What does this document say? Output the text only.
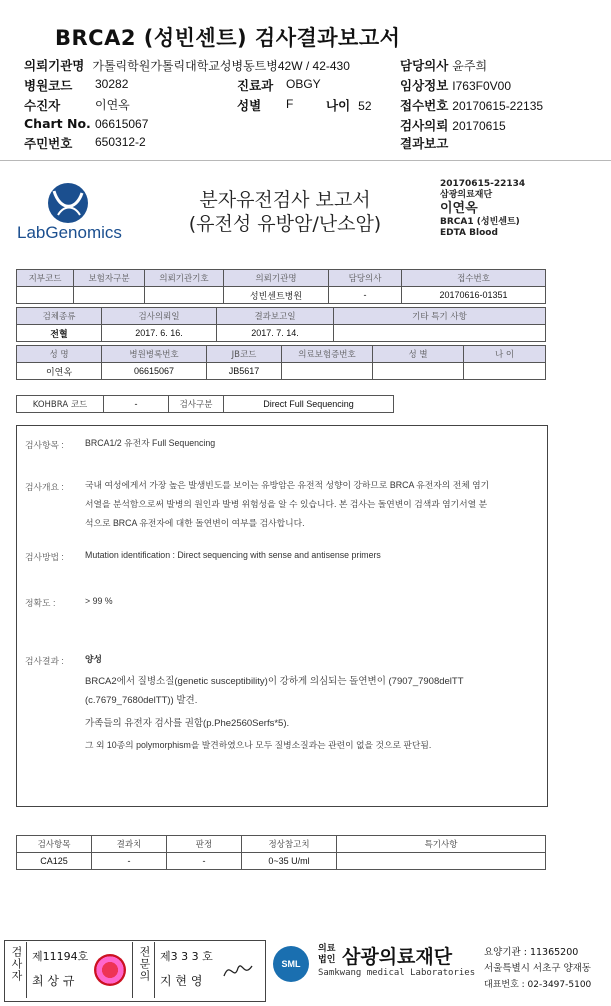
BRCA2 (성빈센트) 검사결과보고서
의뢰기관명 가톨릭학원가톨릭대학교성병동트병42W / 42-430	담당의사 윤주희
병원코드 30282	진료과 OBGY	임상정보 I763F0V00
수진자	이연옥	성별 F	나이 52 접수번호 20170615-22135
Chart No. 06615067	검사의뢰 20170615
주민번호 650312-2	결과보고
LabGenomics
분자유전검사 보고서
(유전성 유방암/난소암)
20170615-22134
삼광의료재단
이연옥
BRCA1 (성빈센트)
EDTA Blood
지부코드	보험자구분	의뢰기관기호	의뢰기관명	담당의사	접수번호
			성빈센트병원	-	20170616-01351
검체종류	검사의뢰일	결과보고일	기타 특기 사항
전혈	2017. 6. 16.	2017. 7. 14.	
성 명	병원병록번호	JB코드	의료보험증번호	성 별	나 이
이연옥	06615067	JB5617			
KOHBRA 코드	-	검사구분	Direct Full Sequencing
검사항목 : BRCA1/2 유전자 Full Sequencing
검사개요 : 국내 여성에게서 가장 높은 발생빈도를 보이는 유방암은 유전적 성향이 강하므로 BRCA 유전자의 전체 염기
서열을 분석함으로써 발병의 원인과 발병 위험성을 알 수 있습니다. 본 검사는 돌연변이 검색과 염기서열 분
석으로 BRCA 유전자에 대한 돌연변이 여부를 검사합니다.
검사방법 : Mutation identification : Direct sequencing with sense and antisense primers
정확도 :	> 99 %
검사결과 : 양성
BRCA2에서 질병소질(genetic susceptibility)이 강하게 의심되는 돌연변이 (7907_7908delTT
(c.7679_7680delTT)) 발견.
가족들의 유전자 검사를 권함(p.Phe2560Serfs*5).
그 외 10종의 polymorphism을 발견하였으나 모두 질병소질과는 관련이 없을 것으로 판단됨.
검사항목	결과치	판정	정상참고치	특기사항
CA125	-	-	0~35 U/ml	
검사자 제11194호
최 상 규	전문의 제3 3 3 호
지 현 영
SML
의료
법인 삼광의료재단
Samkwang medical Laboratories
요양기관 : 11365200
서울특별시 서초구 양재동
대표번호 : 02-3497-5100
